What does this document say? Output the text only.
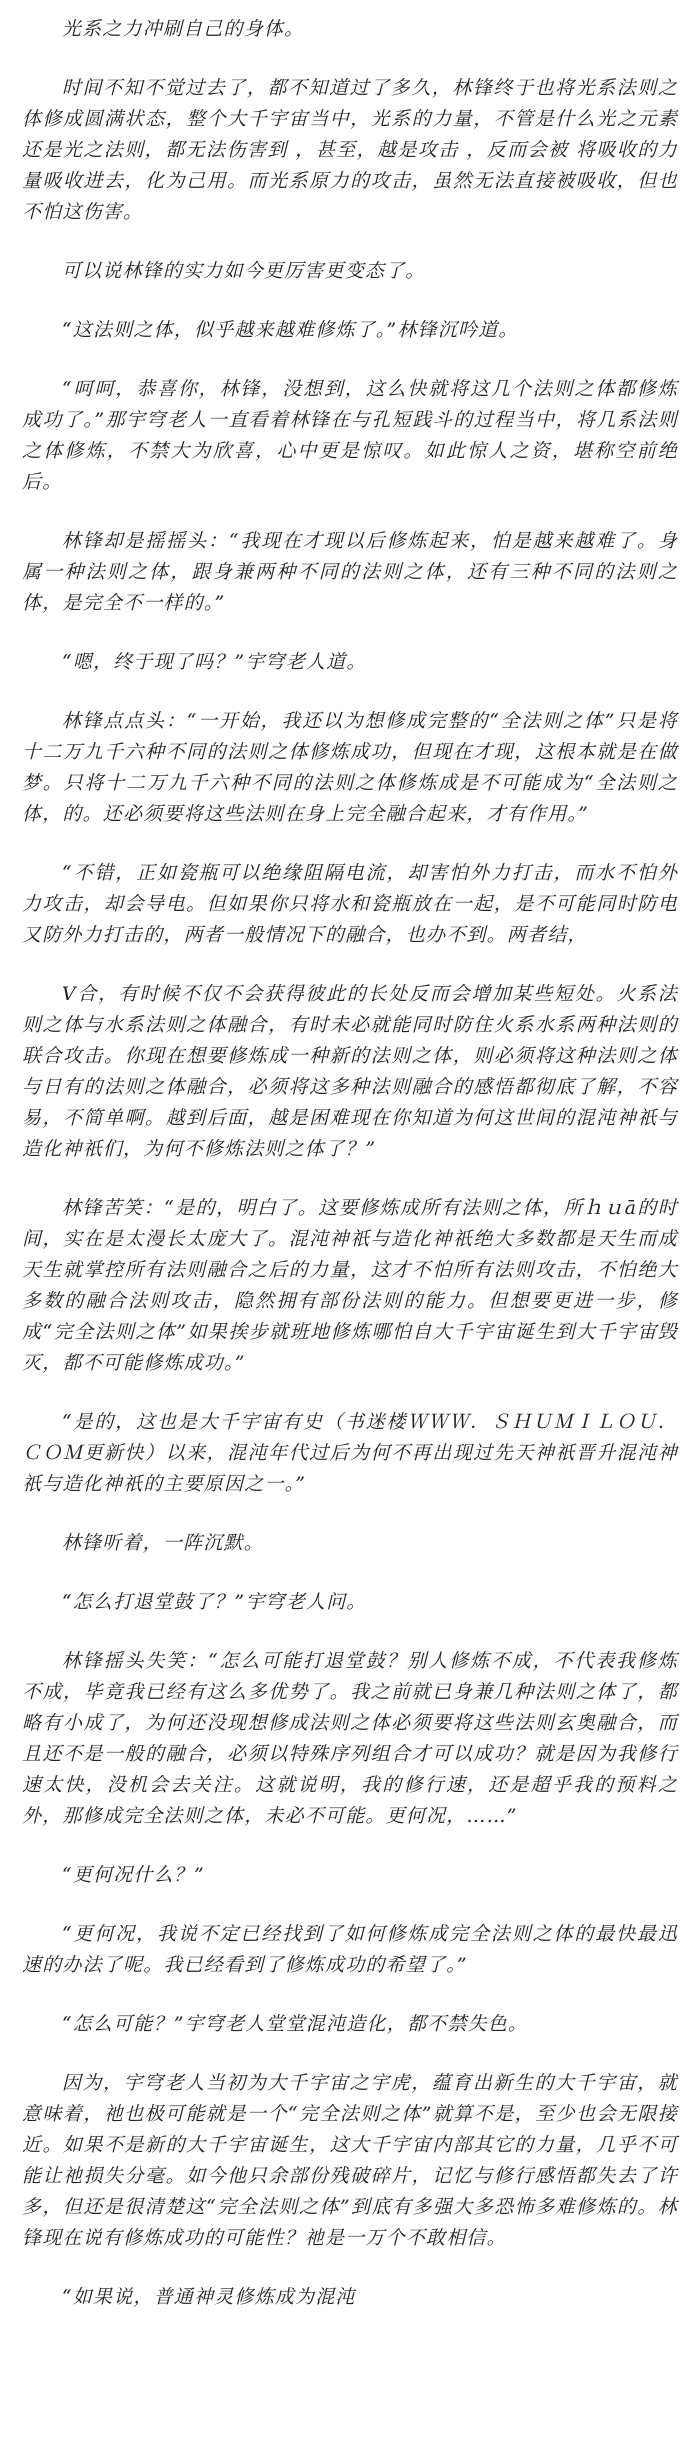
光系之力冲刷自己的身体。

时间不知不觉过去了，都不知道过了多久，林锋终于也将光系法则之体修成圆满状态，整个大千宇宙当中，光系的力量，不管是什么光之元素还是光之法则，都无法伤害到 ，甚至，越是攻击 ，反而会被 将吸收的力量吸收进去，化为己用。而光系原力的攻击，虽然无法直接被吸收，但也不怕这伤害。

可以说林锋的实力如今更厉害更变态了。

“这法则之体，似乎越来越难修炼了。”林锋沉吟道。

“呵呵，恭喜你，林锋，没想到，这么快就将这几个法则之体都修炼成功了。”那宇穹老人一直看着林锋在与孔短践斗的过程当中，将几系法则之体修炼，不禁大为欣喜，心中更是惊叹。如此惊人之资，堪称空前绝后。

林锋却是摇摇头：“我现在才现以后修炼起来，怕是越来越难了。身属一种法则之体，跟身兼两种不同的法则之体，还有三种不同的法则之体，是完全不一样的。”

“嗯，终于现了吗？”宇穹老人道。

林锋点点头：“一开始，我还以为想修成完整的“全法则之体”只是将十二万九千六种不同的法则之体修炼成功，但现在才现，这根本就是在做梦。只将十二万九千六种不同的法则之体修炼成是不可能成为“全法则之体，的。还必须要将这些法则在身上完全融合起来，才有作用。”

“不错，正如瓷瓶可以绝缘阻隔电流，却害怕外力打击，而水不怕外力攻击，却会导电。但如果你只将水和瓷瓶放在一起，是不可能同时防电又防外力打击的，两者一般情况下的融合，也办不到。两者结，

V合，有时候不仅不会获得彼此的长处反而会增加某些短处。火系法则之体与水系法则之体融合，有时未必就能同时防住火系水系两种法则的联合攻击。你现在想要修炼成一种新的法则之体，则必须将这种法则之体与日有的法则之体融合，必须将这多种法则融合的感悟都彻底了解，不容易，不简单啊。越到后面，越是困难现在你知道为何这世间的混沌神祇与造化神祇们，为何不修炼法则之体了？”

林锋苦笑：“是的，明白了。这要修炼成所有法则之体，所ｈｕā的时间，实在是太漫长太庞大了。混沌神祇与造化神祇绝大多数都是天生而成天生就掌控所有法则融合之后的力量，这才不怕所有法则攻击，不怕绝大多数的融合法则攻击，隐然拥有部份法则的能力。但想要更进一步，修成“完全法则之体”如果挨步就班地修炼哪怕自大千宇宙诞生到大千宇宙毁灭，都不可能修炼成功。”

“是的，这也是大千宇宙有史（书迷楼ＷＷＷ．ＳＨＵＭＩＬＯＵ．ＣＯＭ更新快）以来，混沌年代过后为何不再出现过先天神祇晋升混沌神祇与造化神祇的主要原因之一。”

林锋听着，一阵沉默。

“怎么打退堂鼓了？”宇穹老人问。

林锋摇头失笑：“怎么可能打退堂鼓？别人修炼不成，不代表我修炼不成，毕竟我已经有这么多优势了。我之前就已身兼几种法则之体了，都略有小成了，为何还没现想修成法则之体必须要将这些法则玄奥融合，而且还不是一般的融合，必须以特殊序列组合才可以成功？就是因为我修行速太快，没机会去关注。这就说明，我的修行速，还是超乎我的预料之外，那修成完全法则之体，未必不可能。更何况，……”

“更何况什么？”

“更何况，我说不定已经找到了如何修炼成完全法则之体的最快最迅速的办法了呢。我已经看到了修炼成功的希望了。”

“怎么可能？”宇穹老人堂堂混沌造化，都不禁失色。

因为，宇穹老人当初为大千宇宙之宇虎，蕴育出新生的大千宇宙，就意味着，祂也极可能就是一个“完全法则之体”就算不是，至少也会无限接近。如果不是新的大千宇宙诞生，这大千宇宙内部其它的力量，几乎不可能让祂损失分毫。如今他只余部份残破碎片，记忆与修行感悟都失去了许多，但还是很清楚这“完全法则之体”到底有多强大多恐怖多难修炼的。林锋现在说有修炼成功的可能性？祂是一万个不敢相信。

“如果说，普通神灵修炼成为混沌
